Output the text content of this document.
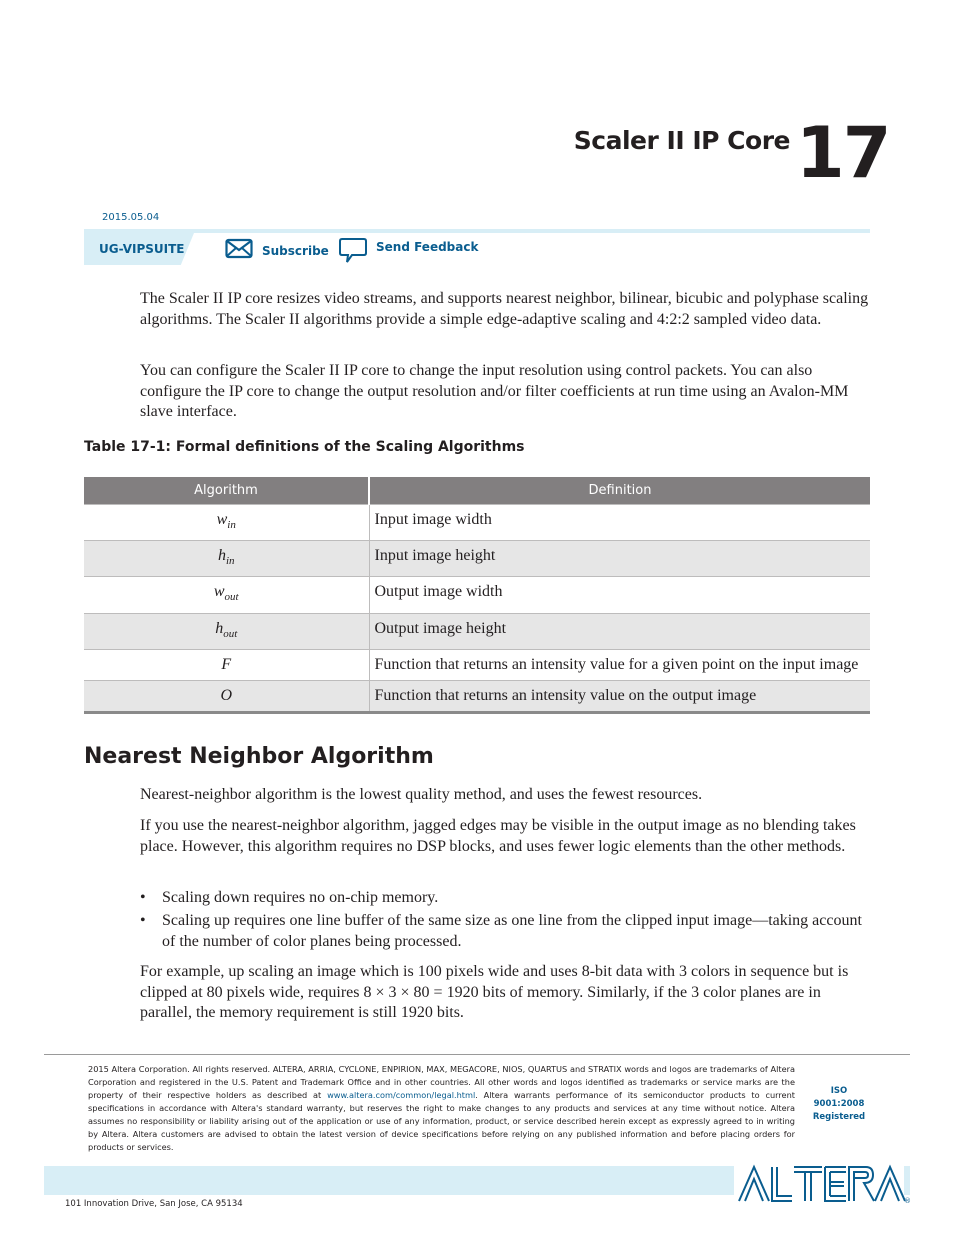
Scaler II IP Core 17
2015.05.04
UG-VIPSUITE	Subscribe	Send Feedback
The Scaler II IP core resizes video streams, and supports nearest neighbor, bilinear, bicubic and polyphase scaling algorithms. The Scaler II algorithms provide a simple edge-adaptive scaling and 4:2:2 sampled video data.
You can configure the Scaler II IP core to change the input resolution using control packets. You can also configure the IP core to change the output resolution and/or filter coefficients at run time using an Avalon-MM slave interface.
Table 17-1: Formal definitions of the Scaling Algorithms
Algorithm	Definition
$w_{in}$	Input image width
$h_{in}$	Input image height
$w_{out}$	Output image width
$h_{out}$	Output image height
F	Function that returns an intensity value for a given point on the input image
O	Function that returns an intensity value on the output image
Nearest Neighbor Algorithm
Nearest-neighbor algorithm is the lowest quality method, and uses the fewest resources.
If you use the nearest-neighbor algorithm, jagged edges may be visible in the output image as no blending takes place. However, this algorithm requires no DSP blocks, and uses fewer logic elements than the other methods.
• Scaling down requires no on-chip memory.
• Scaling up requires one line buffer of the same size as one line from the clipped input image—taking account of the number of color planes being processed.
For example, up scaling an image which is 100 pixels wide and uses 8-bit data with 3 colors in sequence but is clipped at 80 pixels wide, requires 8 × 3 × 80 = 1920 bits of memory. Similarly, if the 3 color planes are in parallel, the memory requirement is still 1920 bits.
2015 Altera Corporation. All rights reserved. ALTERA, ARRIA, CYCLONE, ENPIRION, MAX, MEGACORE, NIOS, QUARTUS and STRATIX words and logos are trademarks of Altera Corporation and registered in the U.S. Patent and Trademark Office and in other countries. All other words and logos identified as trademarks or service marks are the property of their respective holders as described at www.altera.com/common/legal.html. Altera warrants performance of its semiconductor products to current specifications in accordance with Altera's standard warranty, but reserves the right to make changes to any products and services at any time without notice. Altera assumes no responsibility or liability arising out of the application or use of any information, product, or service described herein except as expressly agreed to in writing by Altera. Altera customers are advised to obtain the latest version of device specifications before relying on any published information and before placing orders for products or services.
ISO
9001:2008
Registered
®
101 Innovation Drive, San Jose, CA 95134
